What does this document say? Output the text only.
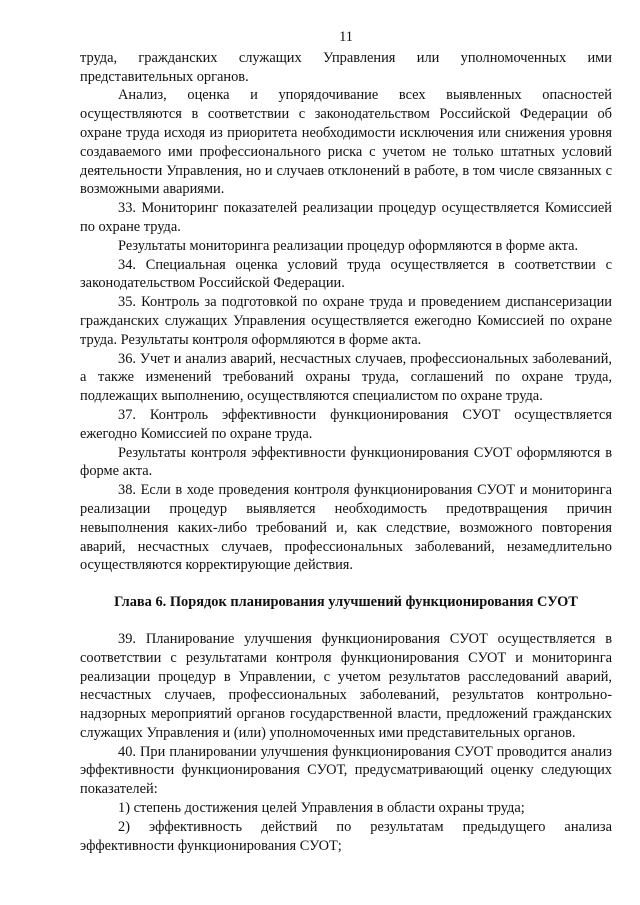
11

труда, гражданских служащих Управления или уполномоченных ими представительных органов.

Анализ, оценка и упорядочивание всех выявленных опасностей осуществляются в соответствии с законодательством Российской Федерации об охране труда исходя из приоритета необходимости исключения или снижения уровня создаваемого ими профессионального риска с учетом не только штатных условий деятельности Управления, но и случаев отклонений в работе, в том числе связанных с возможными авариями.

33. Мониторинг показателей реализации процедур осуществляется Комиссией по охране труда.

Результаты мониторинга реализации процедур оформляются в форме акта.

34. Специальная оценка условий труда осуществляется в соответствии с законодательством Российской Федерации.

35. Контроль за подготовкой по охране труда и проведением диспансеризации гражданских служащих Управления осуществляется ежегодно Комиссией по охране труда. Результаты контроля оформляются в форме акта.

36. Учет и анализ аварий, несчастных случаев, профессиональных заболеваний, а также изменений требований охраны труда, соглашений по охране труда, подлежащих выполнению, осуществляются специалистом по охране труда.

37. Контроль эффективности функционирования СУОТ осуществляется ежегодно Комиссией по охране труда.

Результаты контроля эффективности функционирования СУОТ оформляются в форме акта.

38. Если в ходе проведения контроля функционирования СУОТ и мониторинга реализации процедур выявляется необходимость предотвращения причин невыполнения каких-либо требований и, как следствие, возможного повторения аварий, несчастных случаев, профессиональных заболеваний, незамедлительно осуществляются корректирующие действия.

Глава 6. Порядок планирования улучшений функционирования СУОТ

39. Планирование улучшения функционирования СУОТ осуществляется в соответствии с результатами контроля функционирования СУОТ и мониторинга реализации процедур в Управлении, с учетом результатов расследований аварий, несчастных случаев, профессиональных заболеваний, результатов контрольно-надзорных мероприятий органов государственной власти, предложений гражданских служащих Управления и (или) уполномоченных ими представительных органов.

40. При планировании улучшения функционирования СУОТ проводится анализ эффективности функционирования СУОТ, предусматривающий оценку следующих показателей:

1) степень достижения целей Управления в области охраны труда;

2) эффективность действий по результатам предыдущего анализа эффективности функционирования СУОТ;
